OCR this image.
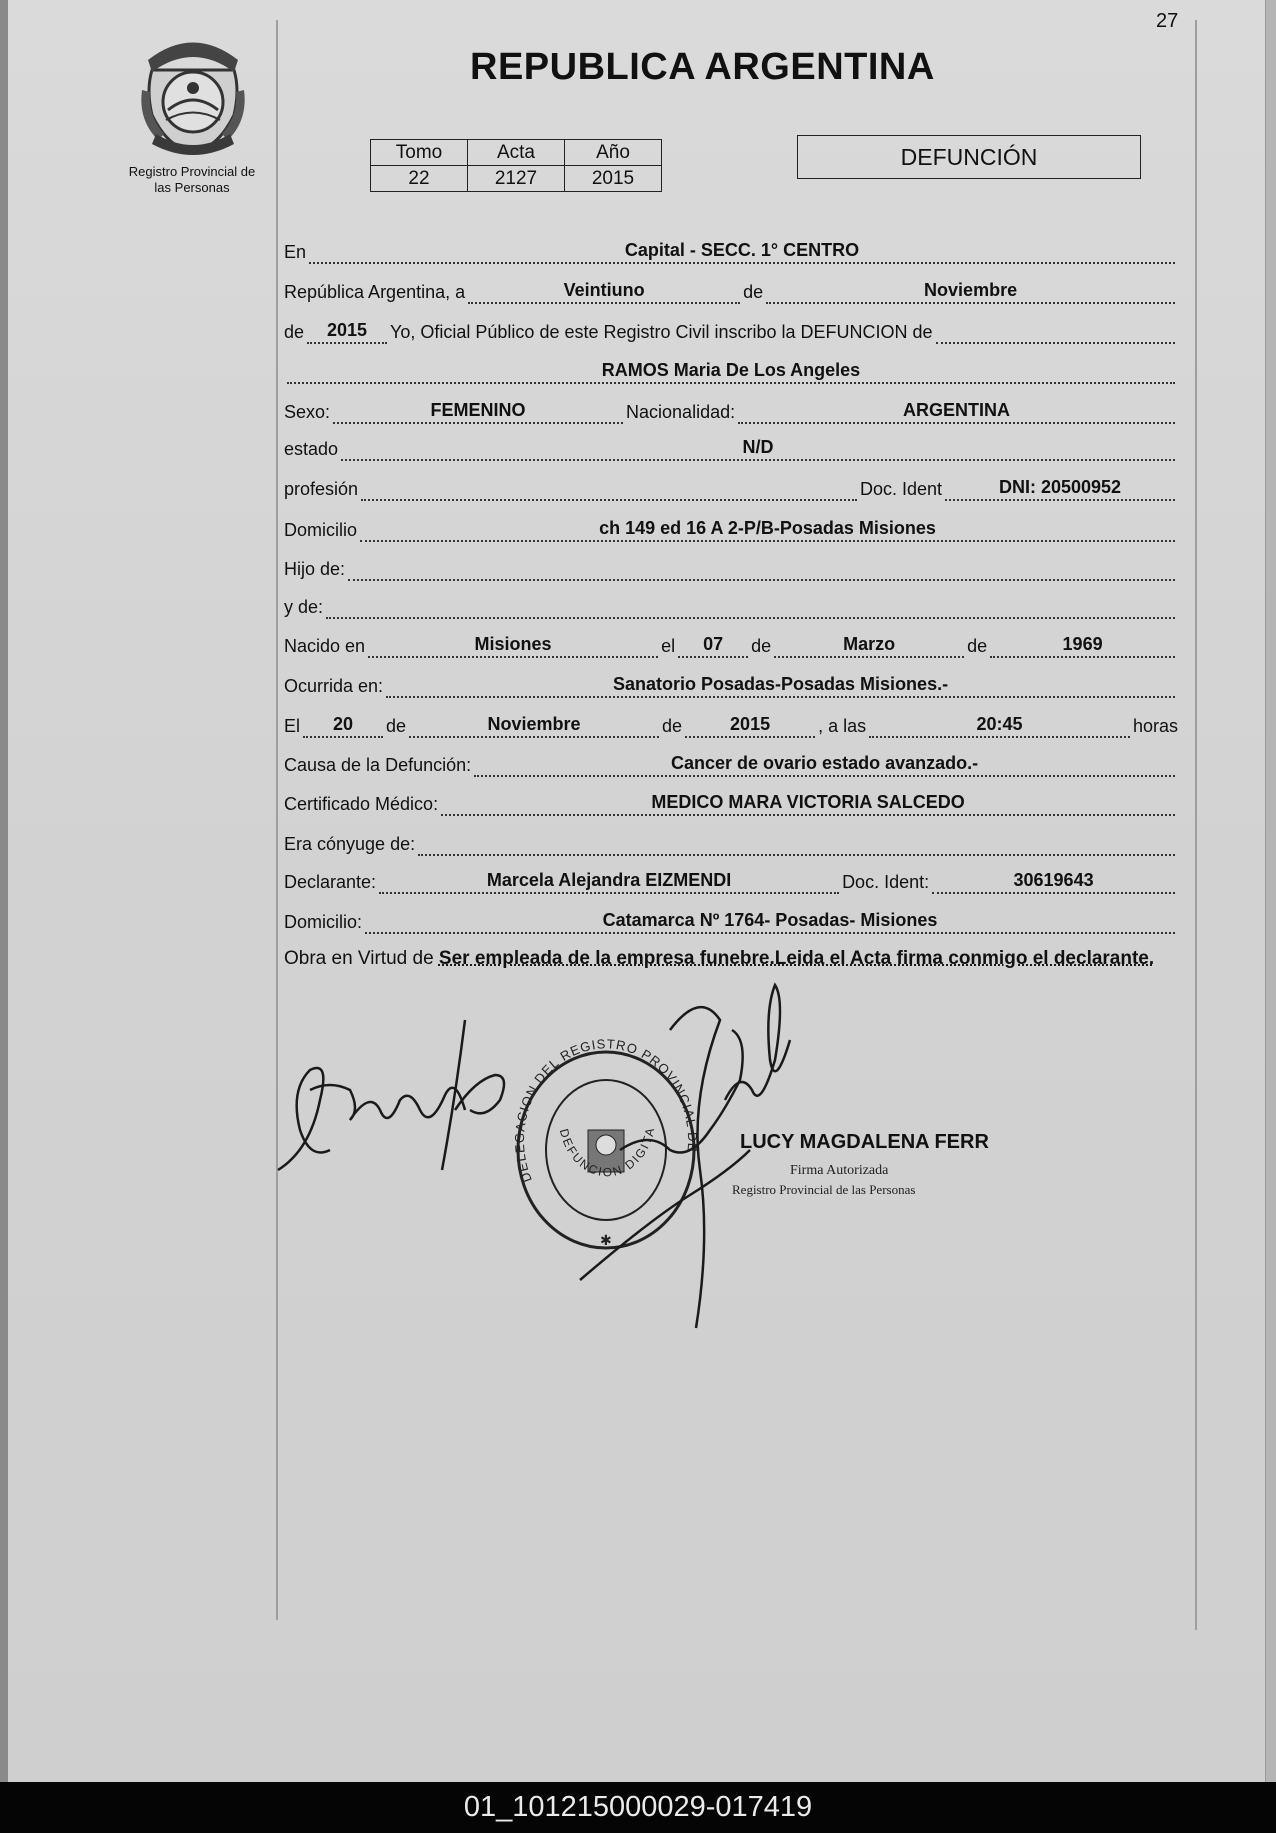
27
Registro Provincial de
las Personas
REPUBLICA ARGENTINA
Tomo	Acta	Año
22	2127	2015
DEFUNCIÓN
En	Capital - SECC. 1° CENTRO
República Argentina, a	Veintiuno	de	Noviembre
de	2015	Yo, Oficial Público de este Registro Civil inscribo la DEFUNCION de
RAMOS Maria De Los Angeles
Sexo:	FEMENINO	Nacionalidad:	ARGENTINA
estado	N/D
profesión	Doc. Ident	DNI: 20500952
Domicilio	ch 149 ed 16 A 2-P/B-Posadas Misiones
Hijo de:
y de:
Nacido en	Misiones	el	07	de	Marzo	de	1969
Ocurrida en:	Sanatorio Posadas-Posadas Misiones.-
El	20	de	Noviembre	de	2015	, a las	20:45	horas
Causa de la Defunción:	Cancer de ovario estado avanzado.-
Certificado Médico:	MEDICO MARA VICTORIA SALCEDO
Era cónyuge de:
Declarante:	Marcela Alejandra EIZMENDI	Doc. Ident:	30619643
Domicilio:	Catamarca Nº 1764- Posadas- Misiones
Obra en Virtud de Ser empleada de la empresa funebre.Leida el Acta firma conmigo el declarante.
DELEGACION DEL REGISTRO PROVINCIAL DE
DEFUNCION DIGITA
✱
LUCY MAGDALENA FERR
Firma Autorizada
Registro Provincial de las Personas
01_101215000029-017419
